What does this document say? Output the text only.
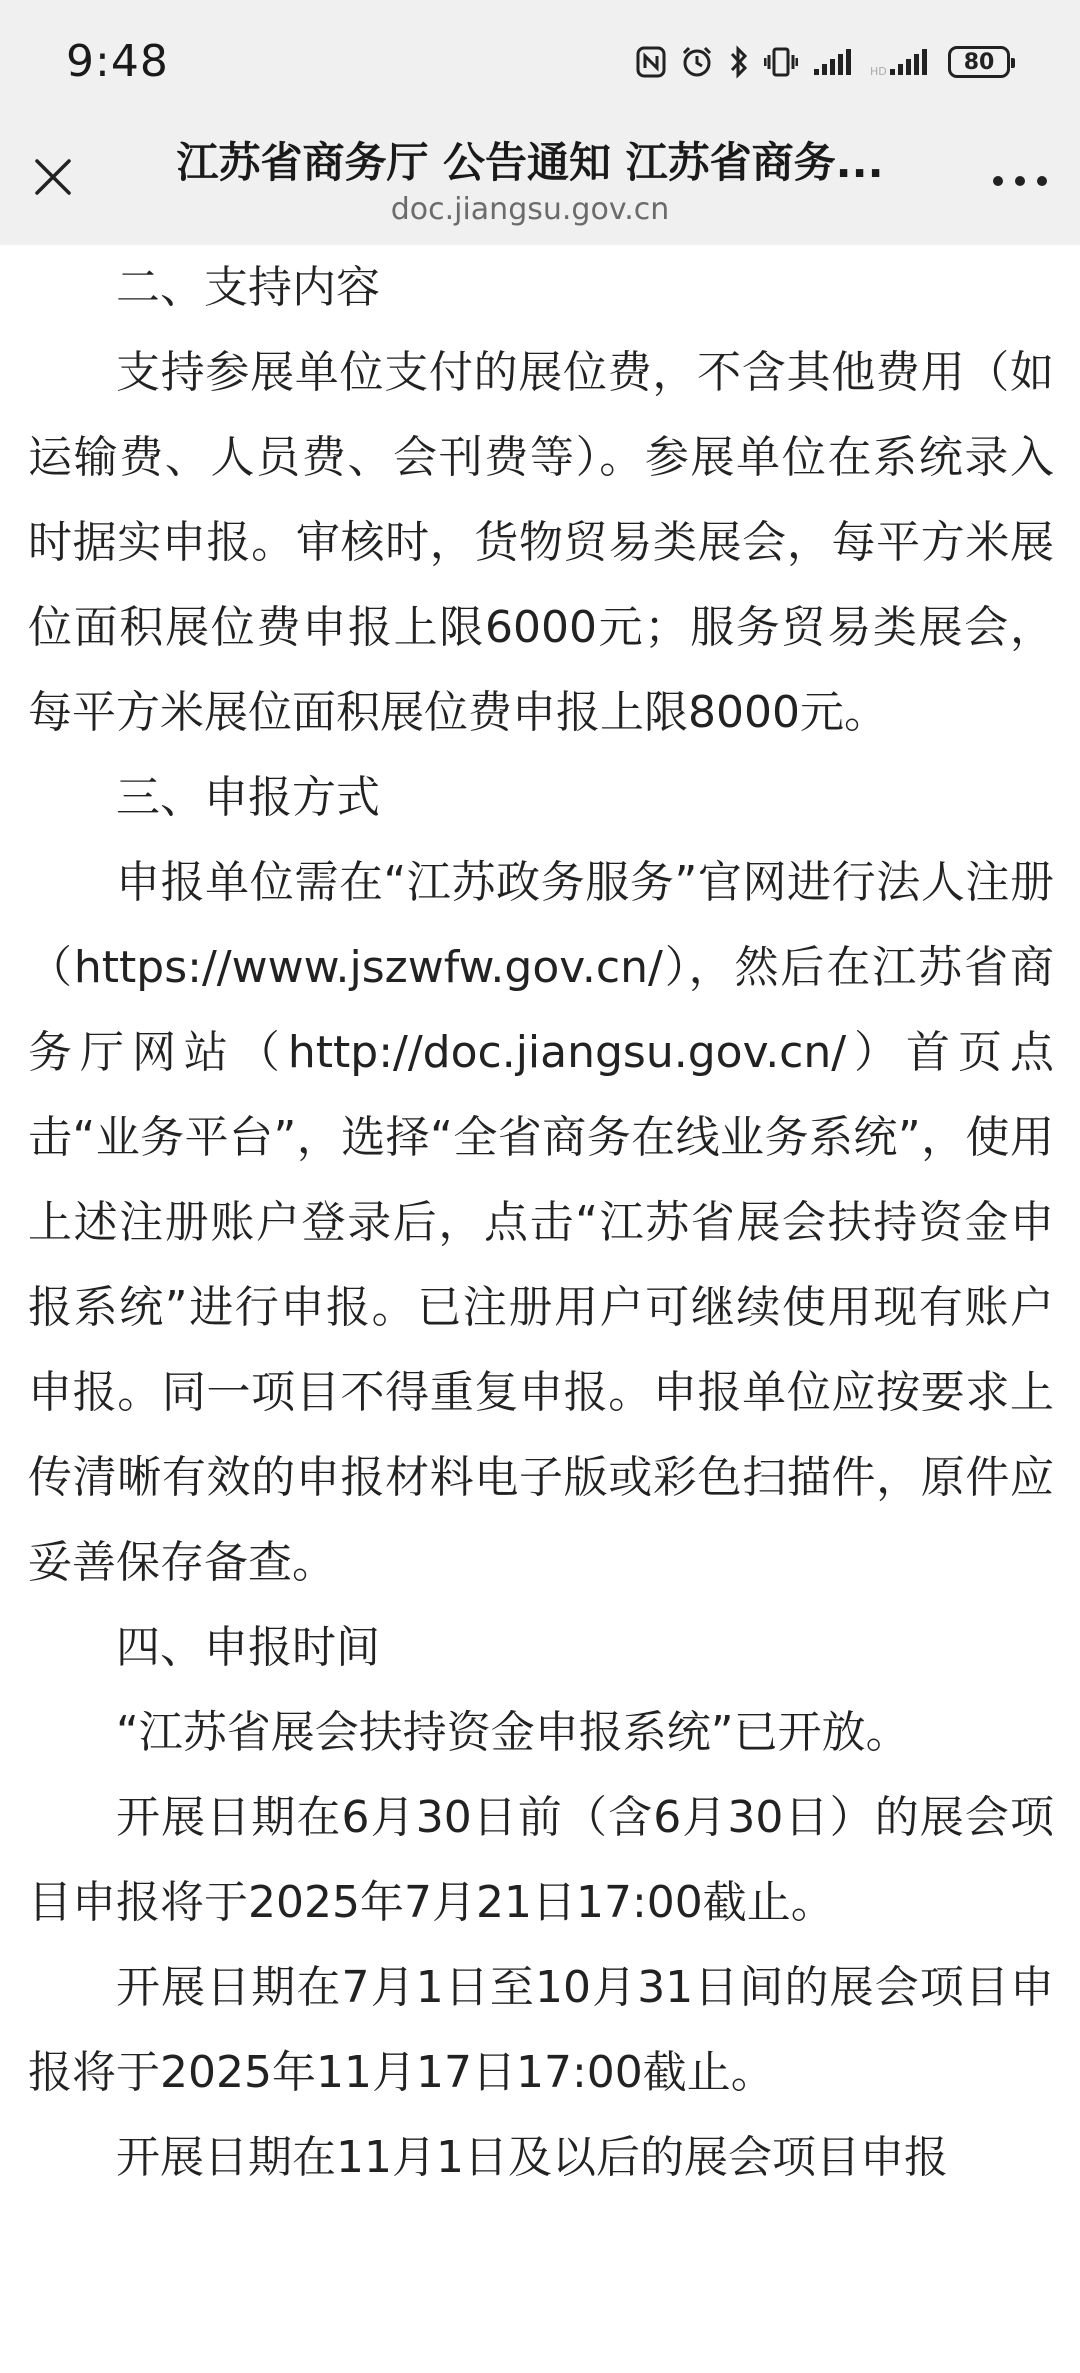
9:48	HD	80
江苏省商务厅 公告通知 江苏省商务...
doc.jiangsu.gov.cn

二、支持内容

支持参展单位支付的展位费，不含其他费用（如运输费、人员费、会刊费等）。参展单位在系统录入时据实申报。审核时，货物贸易类展会，每平方米展位面积展位费申报上限6000元；服务贸易类展会，每平方米展位面积展位费申报上限8000元。

三、申报方式

申报单位需在“江苏政务服务”官网进行法人注册（https://www.jszwfw.gov.cn/），然后在江苏省商务厅网站（http://doc.jiangsu.gov.cn/）首页点击“业务平台”，选择“全省商务在线业务系统”，使用上述注册账户登录后，点击“江苏省展会扶持资金申报系统”进行申报。已注册用户可继续使用现有账户申报。同一项目不得重复申报。申报单位应按要求上传清晰有效的申报材料电子版或彩色扫描件，原件应妥善保存备查。

四、申报时间

“江苏省展会扶持资金申报系统”已开放。

开展日期在6月30日前（含6月30日）的展会项目申报将于2025年7月21日17:00截止。

开展日期在7月1日至10月31日间的展会项目申报将于2025年11月17日17:00截止。

开展日期在11月1日及以后的展会项目申报
